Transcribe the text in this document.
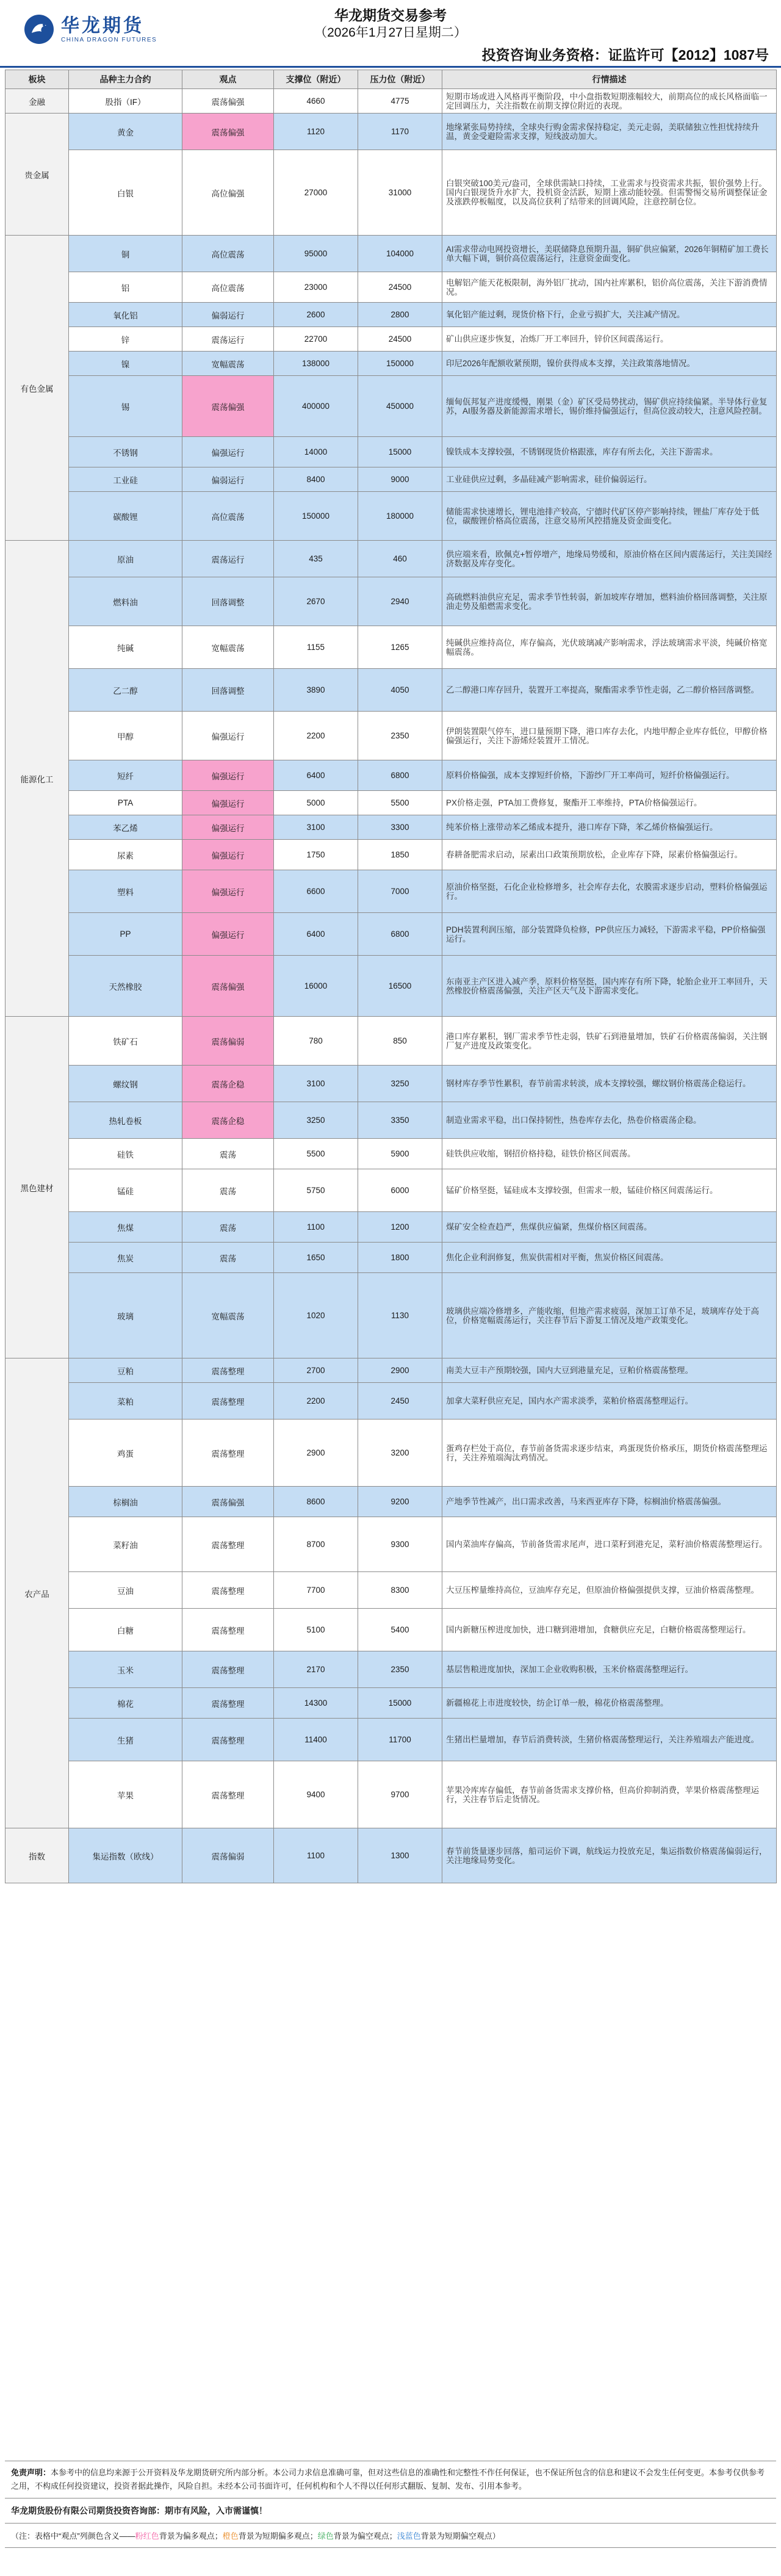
华龙期货
CHINA DRAGON FUTURES
华龙期货交易参考
（2026年1月27日星期二）
投资咨询业务资格：证监许可【2012】1087号
板块	品种主力合约	观点	支撑位（附近）	压力位（附近）	行情描述
金融	股指（IF）	震荡偏强	4660	4775	短期市场或进入风格再平衡阶段，中小盘指数短期涨幅较大，前期高位的成长风格面临一定回调压力，关注指数在前期支撑位附近的表现。
贵金属	黄金	震荡偏强	1120	1170	地缘紧张局势持续，全球央行购金需求保持稳定，美元走弱，美联储独立性担忧持续升温，黄金受避险需求支撑，短线波动加大。
	白银	高位偏强	27000	31000	白银突破100美元/盎司，全球供需缺口持续，工业需求与投资需求共振，银价强势上行。国内白银现货升水扩大，投机资金活跃，短期上涨动能较强。但需警惕交易所调整保证金及涨跌停板幅度，以及高位获利了结带来的回调风险，注意控制仓位。
有色金属	铜	高位震荡	95000	104000	AI需求带动电网投资增长，美联储降息预期升温，铜矿供应偏紧，2026年铜精矿加工费长单大幅下调，铜价高位震荡运行，注意资金面变化。
	铝	高位震荡	23000	24500	电解铝产能天花板限制，海外铝厂扰动，国内社库累积，铝价高位震荡，关注下游消费情况。
	氧化铝	偏弱运行	2600	2800	氧化铝产能过剩，现货价格下行，企业亏损扩大，关注减产情况。
	锌	震荡运行	22700	24500	矿山供应逐步恢复，冶炼厂开工率回升，锌价区间震荡运行。
	镍	宽幅震荡	138000	150000	印尼2026年配额收紧预期，镍价获得成本支撑，关注政策落地情况。
	锡	震荡偏强	400000	450000	缅甸佤邦复产进度缓慢，刚果（金）矿区受局势扰动，锡矿供应持续偏紧。半导体行业复苏，AI服务器及新能源需求增长，锡价维持偏强运行，但高位波动较大，注意风险控制。
	不锈钢	偏强运行	14000	15000	镍铁成本支撑较强，不锈钢现货价格跟涨，库存有所去化，关注下游需求。
	工业硅	偏弱运行	8400	9000	工业硅供应过剩，多晶硅减产影响需求，硅价偏弱运行。
	碳酸锂	高位震荡	150000	180000	储能需求快速增长，锂电池排产较高，宁德时代矿区停产影响持续，锂盐厂库存处于低位，碳酸锂价格高位震荡，注意交易所风控措施及资金面变化。
能源化工	原油	震荡运行	435	460	供应端来看，欧佩克+暂停增产，地缘局势缓和，原油价格在区间内震荡运行，关注美国经济数据及库存变化。
	燃料油	回落调整	2670	2940	高硫燃料油供应充足，需求季节性转弱，新加坡库存增加，燃料油价格回落调整，关注原油走势及船燃需求变化。
	纯碱	宽幅震荡	1155	1265	纯碱供应维持高位，库存偏高，光伏玻璃减产影响需求，浮法玻璃需求平淡，纯碱价格宽幅震荡。
	乙二醇	回落调整	3890	4050	乙二醇港口库存回升，装置开工率提高，聚酯需求季节性走弱，乙二醇价格回落调整。
	甲醇	偏强运行	2200	2350	伊朗装置限气停车，进口量预期下降，港口库存去化，内地甲醇企业库存低位，甲醇价格偏强运行，关注下游烯烃装置开工情况。
	短纤	偏强运行	6400	6800	原料价格偏强，成本支撑短纤价格，下游纱厂开工率尚可，短纤价格偏强运行。
	PTA	偏强运行	5000	5500	PX价格走强，PTA加工费修复，聚酯开工率维持，PTA价格偏强运行。
	苯乙烯	偏强运行	3100	3300	纯苯价格上涨带动苯乙烯成本提升，港口库存下降，苯乙烯价格偏强运行。
	尿素	偏强运行	1750	1850	春耕备肥需求启动，尿素出口政策预期放松，企业库存下降，尿素价格偏强运行。
	塑料	偏强运行	6600	7000	原油价格坚挺，石化企业检修增多，社会库存去化，农膜需求逐步启动，塑料价格偏强运行。
	PP	偏强运行	6400	6800	PDH装置利润压缩，部分装置降负检修，PP供应压力减轻，下游需求平稳，PP价格偏强运行。
	天然橡胶	震荡偏强	16000	16500	东南亚主产区进入减产季，原料价格坚挺，国内库存有所下降，轮胎企业开工率回升，天然橡胶价格震荡偏强，关注产区天气及下游需求变化。
黑色建材	铁矿石	震荡偏弱	780	850	港口库存累积，钢厂需求季节性走弱，铁矿石到港量增加，铁矿石价格震荡偏弱，关注钢厂复产进度及政策变化。
	螺纹钢	震荡企稳	3100	3250	钢材库存季节性累积，春节前需求转淡，成本支撑较强，螺纹钢价格震荡企稳运行。
	热轧卷板	震荡企稳	3250	3350	制造业需求平稳，出口保持韧性，热卷库存去化，热卷价格震荡企稳。
	硅铁	震荡	5500	5900	硅铁供应收缩，钢招价格持稳，硅铁价格区间震荡。
	锰硅	震荡	5750	6000	锰矿价格坚挺，锰硅成本支撑较强，但需求一般，锰硅价格区间震荡运行。
	焦煤	震荡	1100	1200	煤矿安全检查趋严，焦煤供应偏紧，焦煤价格区间震荡。
	焦炭	震荡	1650	1800	焦化企业利润修复，焦炭供需相对平衡，焦炭价格区间震荡。
	玻璃	宽幅震荡	1020	1130	玻璃供应端冷修增多，产能收缩，但地产需求疲弱，深加工订单不足，玻璃库存处于高位，价格宽幅震荡运行，关注春节后下游复工情况及地产政策变化。
农产品	豆粕	震荡整理	2700	2900	南美大豆丰产预期较强，国内大豆到港量充足，豆粕价格震荡整理。
	菜粕	震荡整理	2200	2450	加拿大菜籽供应充足，国内水产需求淡季，菜粕价格震荡整理运行。
	鸡蛋	震荡整理	2900	3200	蛋鸡存栏处于高位，春节前备货需求逐步结束，鸡蛋现货价格承压，期货价格震荡整理运行，关注养殖端淘汰鸡情况。
	棕榈油	震荡偏强	8600	9200	产地季节性减产，出口需求改善，马来西亚库存下降，棕榈油价格震荡偏强。
	菜籽油	震荡整理	8700	9300	国内菜油库存偏高，节前备货需求尾声，进口菜籽到港充足，菜籽油价格震荡整理运行。
	豆油	震荡整理	7700	8300	大豆压榨量维持高位，豆油库存充足，但原油价格偏强提供支撑，豆油价格震荡整理。
	白糖	震荡整理	5100	5400	国内新糖压榨进度加快，进口糖到港增加，食糖供应充足，白糖价格震荡整理运行。
	玉米	震荡整理	2170	2350	基层售粮进度加快，深加工企业收购积极，玉米价格震荡整理运行。
	棉花	震荡整理	14300	15000	新疆棉花上市进度较快，纺企订单一般，棉花价格震荡整理。
	生猪	震荡整理	11400	11700	生猪出栏量增加，春节后消费转淡，生猪价格震荡整理运行，关注养殖端去产能进度。
	苹果	震荡整理	9400	9700	苹果冷库库存偏低，春节前备货需求支撑价格，但高价抑制消费，苹果价格震荡整理运行，关注春节后走货情况。
指数	集运指数（欧线）	震荡偏弱	1100	1300	春节前货量逐步回落，船司运价下调，航线运力投放充足，集运指数价格震荡偏弱运行，关注地缘局势变化。
免责声明：本参考中的信息均来源于公开资料及华龙期货研究所内部分析。本公司力求信息准确可靠，但对这些信息的准确性和完整性不作任何保证，也不保证所包含的信息和建议不会发生任何变更。本参考仅供参考之用，不构成任何投资建议，投资者据此操作，风险自担。未经本公司书面许可，任何机构和个人不得以任何形式翻版、复制、发布、引用本参考。
华龙期货股份有限公司期货投资咨询部：期市有风险，入市需谨慎！
（注：表格中“观点”列颜色含义——粉红色背景为偏多观点；橙色背景为短期偏多观点；绿色背景为偏空观点；浅蓝色背景为短期偏空观点）
